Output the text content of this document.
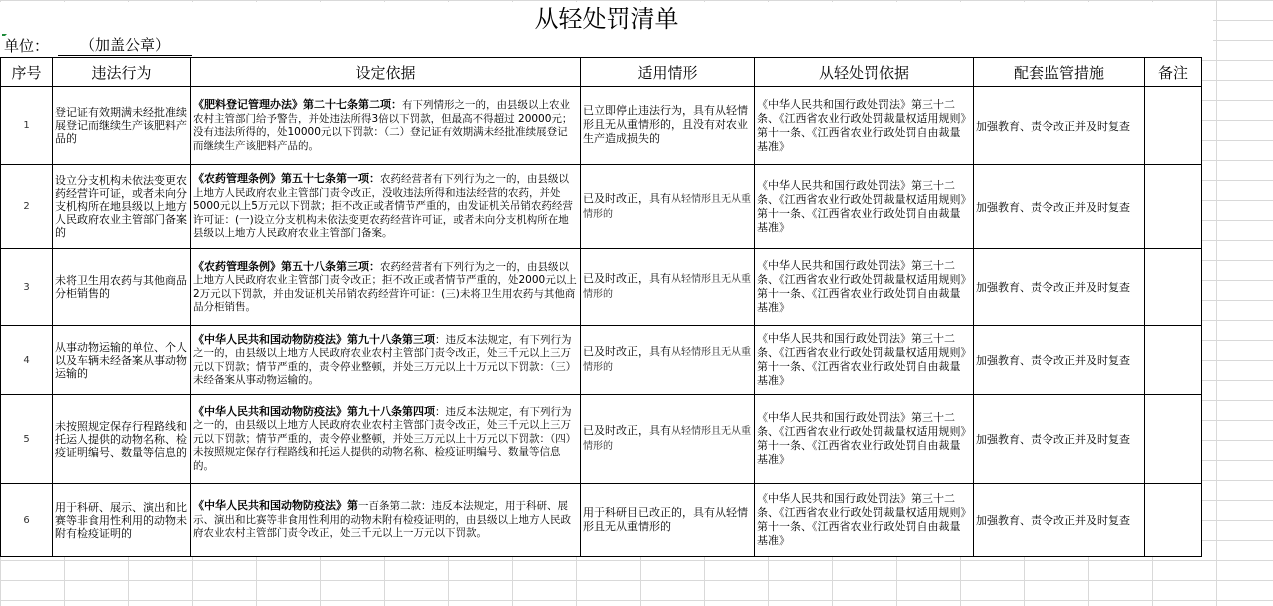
从轻处罚清单
单位：	（加盖公章）
序号	违法行为	设定依据	适用情形	从轻处罚依据	配套监管措施	备注
1	登记证有效期满未经批准续展登记而继续生产该肥料产品的	《肥料登记管理办法》第二十七条第二项：有下列情形之一的，由县级以上农业农村主管部门给予警告，并处违法所得3倍以下罚款，但最高不得超过 20000元；没有违法所得的，处10000元以下罚款：（二）登记证有效期满未经批准续展登记而继续生产该肥料产品的。	已立即停止违法行为，具有从轻情形且无从重情形的，且没有对农业生产造成损失的	《中华人民共和国行政处罚法》第三十二条、《江西省农业行政处罚裁量权适用规则》第十一条、《江西省农业行政处罚自由裁量基准》	加强教育、责令改正并及时复查	
2	设立分支机构未依法变更农药经营许可证，或者未向分支机构所在地县级以上地方人民政府农业主管部门备案的	《农药管理条例》第五十七条第一项：农药经营者有下列行为之一的，由县级以上地方人民政府农业主管部门责令改正，没收违法所得和违法经营的农药，并处5000元以上5万元以下罚款；拒不改正或者情节严重的，由发证机关吊销农药经营许可证：(一)设立分支机构未依法变更农药经营许可证，或者未向分支机构所在地县级以上地方人民政府农业主管部门备案。	已及时改正，具有从轻情形且无从重情形的	《中华人民共和国行政处罚法》第三十二条、《江西省农业行政处罚裁量权适用规则》第十一条、《江西省农业行政处罚自由裁量基准》	加强教育、责令改正并及时复查	
3	未将卫生用农药与其他商品分柜销售的	《农药管理条例》第五十八条第三项：农药经营者有下列行为之一的，由县级以上地方人民政府农业主管部门责令改正；拒不改正或者情节严重的，处2000元以上2万元以下罚款，并由发证机关吊销农药经营许可证：(三)未将卫生用农药与其他商品分柜销售。	已及时改正，具有从轻情形且无从重情形的	《中华人民共和国行政处罚法》第三十二条、《江西省农业行政处罚裁量权适用规则》第十一条、《江西省农业行政处罚自由裁量基准》	加强教育、责令改正并及时复查	
4	从事动物运输的单位、个人以及车辆未经备案从事动物运输的	《中华人民共和国动物防疫法》第九十八条第三项：违反本法规定，有下列行为之一的，由县级以上地方人民政府农业农村主管部门责令改正，处三千元以上三万元以下罚款；情节严重的，责令停业整顿，并处三万元以上十万元以下罚款：（三）未经备案从事动物运输的。	已及时改正，具有从轻情形且无从重情形的	《中华人民共和国行政处罚法》第三十二条、《江西省农业行政处罚裁量权适用规则》第十一条、《江西省农业行政处罚自由裁量基准》	加强教育、责令改正并及时复查	
5	未按照规定保存行程路线和托运人提供的动物名称、检疫证明编号、数量等信息的	《中华人民共和国动物防疫法》第九十八条第四项：违反本法规定，有下列行为之一的，由县级以上地方人民政府农业农村主管部门责令改正，处三千元以上三万元以下罚款；情节严重的，责令停业整顿，并处三万元以上十万元以下罚款：（四）未按照规定保存行程路线和托运人提供的动物名称、检疫证明编号、数量等信息的。	已及时改正，具有从轻情形且无从重情形的	《中华人民共和国行政处罚法》第三十二条、《江西省农业行政处罚裁量权适用规则》第十一条、《江西省农业行政处罚自由裁量基准》	加强教育、责令改正并及时复查	
6	用于科研、展示、演出和比赛等非食用性利用的动物未附有检疫证明的	《中华人民共和国动物防疫法》第一百条第二款：违反本法规定，用于科研、展示、演出和比赛等非食用性利用的动物未附有检疫证明的，由县级以上地方人民政府农业农村主管部门责令改正，处三千元以上一万元以下罚款。	用于科研目已改正的，具有从轻情形且无从重情形的	《中华人民共和国行政处罚法》第三十二条、《江西省农业行政处罚裁量权适用规则》第十一条、《江西省农业行政处罚自由裁量基准》	加强教育、责令改正并及时复查	
